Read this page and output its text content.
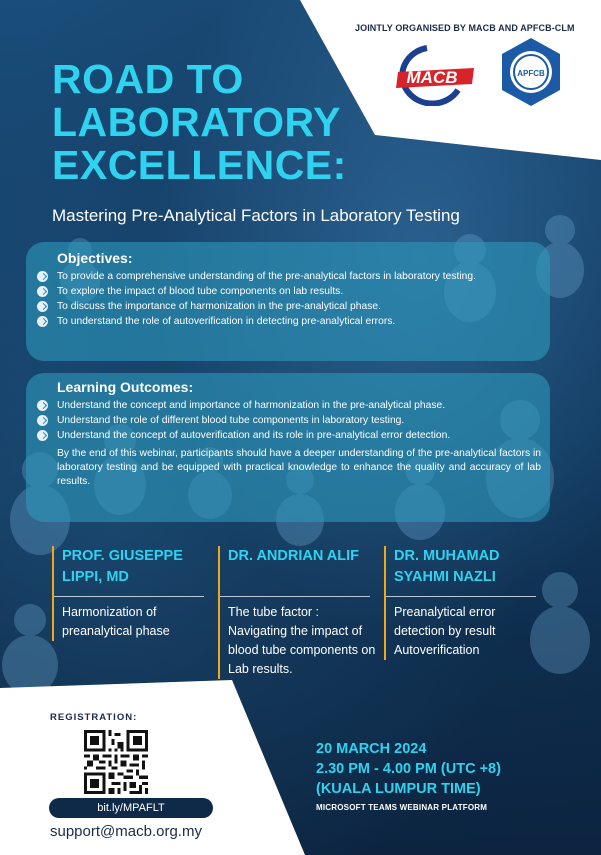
JOINTLY ORGANISED BY MACB AND APFCB-CLM
MACB	APFCB
ROAD TO
LABORATORY
EXCELLENCE:
Mastering Pre-Analytical Factors in Laboratory Testing
Objectives:
To provide a comprehensive understanding of the pre-analytical factors in laboratory testing.
To explore the impact of blood tube components on lab results.
To discuss the importance of harmonization in the pre-analytical phase.
To understand the role of autoverification in detecting pre-analytical errors.
Learning Outcomes:
Understand the concept and importance of harmonization in the pre-analytical phase.
Understand the role of different blood tube components in laboratory testing.
Understand the concept of autoverification and its role in pre-analytical error detection.

By the end of this webinar, participants should have a deeper understanding of the pre-analytical factors in laboratory testing and be equipped with practical knowledge to enhance the quality and accuracy of lab results.

PROF. GIUSEPPE LIPPI, MD
Harmonization of preanalytical phase
DR. ANDRIAN ALIF
The tube factor : Navigating the impact of blood tube components on Lab results.
DR. MUHAMAD SYAHMI NAZLI
Preanalytical error detection by result Autoverification
REGISTRATION:
bit.ly/MPAFLT
support@macb.org.my
20 MARCH 2024
2.30 PM - 4.00 PM (UTC +8)
(KUALA LUMPUR TIME)
MICROSOFT TEAMS WEBINAR PLATFORM
